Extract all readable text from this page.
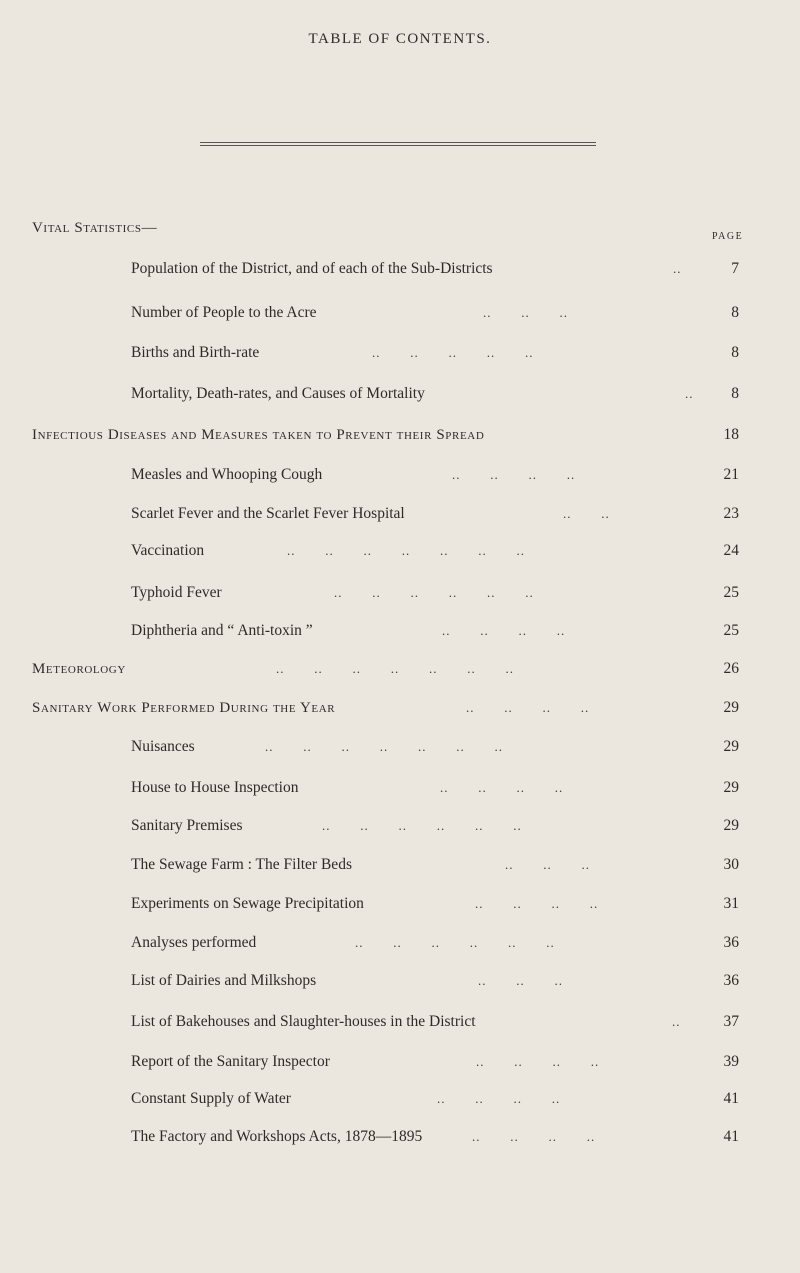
TABLE OF CONTENTS.
PAGE
Vital Statistics—
Population of the District, and of each of the Sub-Districts	..	7
Number of People to the Acre	..       ..       ..	8
Births and Birth-rate	..       ..       ..       ..       ..	8
Mortality, Death-rates, and Causes of Mortality	..	8
Infectious Diseases and Measures taken to Prevent their Spread	18
Measles and Whooping Cough	..       ..       ..       ..	21
Scarlet Fever and the Scarlet Fever Hospital	..       ..	23
Vaccination	..       ..       ..       ..       ..       ..       ..	24
Typhoid Fever	..       ..       ..       ..       ..       ..	25
Diphtheria and “ Anti-toxin ”	..       ..       ..       ..	25
Meteorology	..       ..       ..       ..       ..       ..       ..	26
Sanitary Work Performed During the Year	..       ..       ..       ..	29
Nuisances	..       ..       ..       ..       ..       ..       ..	29
House to House Inspection	..       ..       ..       ..	29
Sanitary Premises	..       ..       ..       ..       ..       ..	29
The Sewage Farm : The Filter Beds	..       ..       ..	30
Experiments on Sewage Precipitation	..       ..       ..       ..	31
Analyses performed	..       ..       ..       ..       ..       ..	36
List of Dairies and Milkshops	..       ..       ..	36
List of Bakehouses and Slaughter-houses in the District	..	37
Report of the Sanitary Inspector	..       ..       ..       ..	39
Constant Supply of Water	..       ..       ..       ..	41
The Factory and Workshops Acts, 1878—1895	..       ..       ..       ..	41
